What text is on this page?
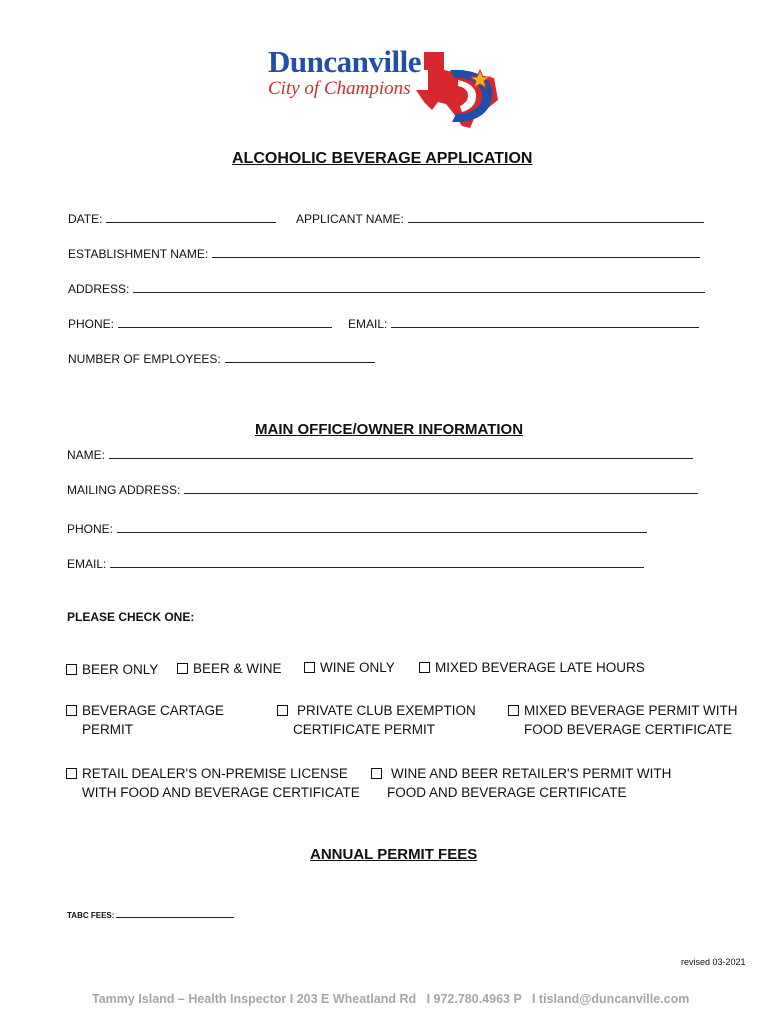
Duncanville
City of Champions
ALCOHOLIC BEVERAGE APPLICATION
DATE:	APPLICANT NAME:
ESTABLISHMENT NAME:
ADDRESS:
PHONE:	EMAIL:
NUMBER OF EMPLOYEES:
MAIN OFFICE/OWNER INFORMATION
NAME:
MAILING ADDRESS:
PHONE:
EMAIL:
PLEASE CHECK ONE:
BEER ONLY	BEER & WINE	WINE ONLY	MIXED BEVERAGE LATE HOURS
BEVERAGE CARTAGE
PERMIT
PRIVATE CLUB EXEMPTION
CERTIFICATE PERMIT
MIXED BEVERAGE PERMIT WITH
FOOD BEVERAGE CERTIFICATE
RETAIL DEALER'S ON-PREMISE LICENSE
WITH FOOD AND BEVERAGE CERTIFICATE
WINE AND BEER RETAILER'S PERMIT WITH
FOOD AND BEVERAGE CERTIFICATE
ANNUAL PERMIT FEES
TABC FEES:
revised 03-2021
Tammy Island – Health Inspector I 203 E Wheatland Rd   I 972.780.4963 P   I tisland@duncanville.com
